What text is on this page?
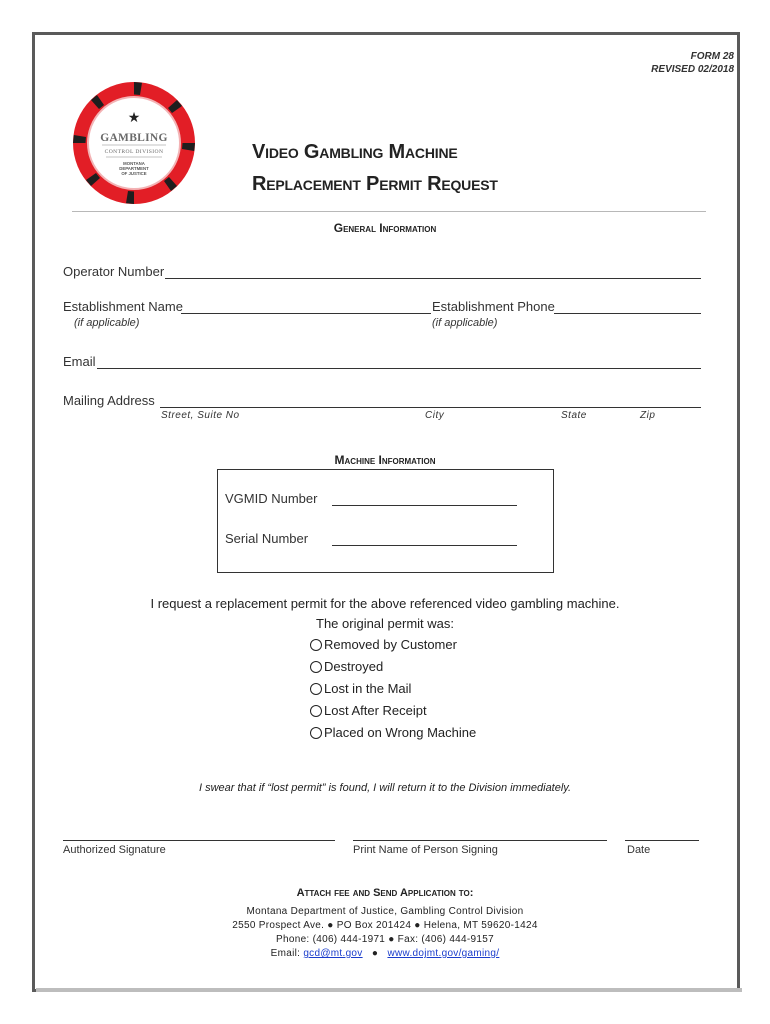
FORM 28
REVISED 02/2018
★
GAMBLING
CONTROL DIVISION
MONTANA
DEPARTMENT
OF JUSTICE
Video Gambling Machine
Replacement Permit Request
General Information
Operator Number
Establishment Name
(if applicable)
Establishment Phone
(if applicable)
Email
Mailing Address
Street, Suite No	City	State	Zip
Machine Information
VGMID Number
Serial Number
I request a replacement permit for the above referenced video gambling machine.
The original permit was:
Removed by Customer
Destroyed
Lost in the Mail
Lost After Receipt
Placed on Wrong Machine
I swear that if “lost permit” is found, I will return it to the Division immediately.
Authorized Signature	Print Name of Person Signing	Date
Attach fee and Send Application to:
Montana Department of Justice, Gambling Control Division
2550 Prospect Ave. ● PO Box 201424 ● Helena, MT 59620-1424
Phone: (406) 444-1971 ● Fax: (406) 444-9157
Email: gcd@mt.gov ● www.dojmt.gov/gaming/
